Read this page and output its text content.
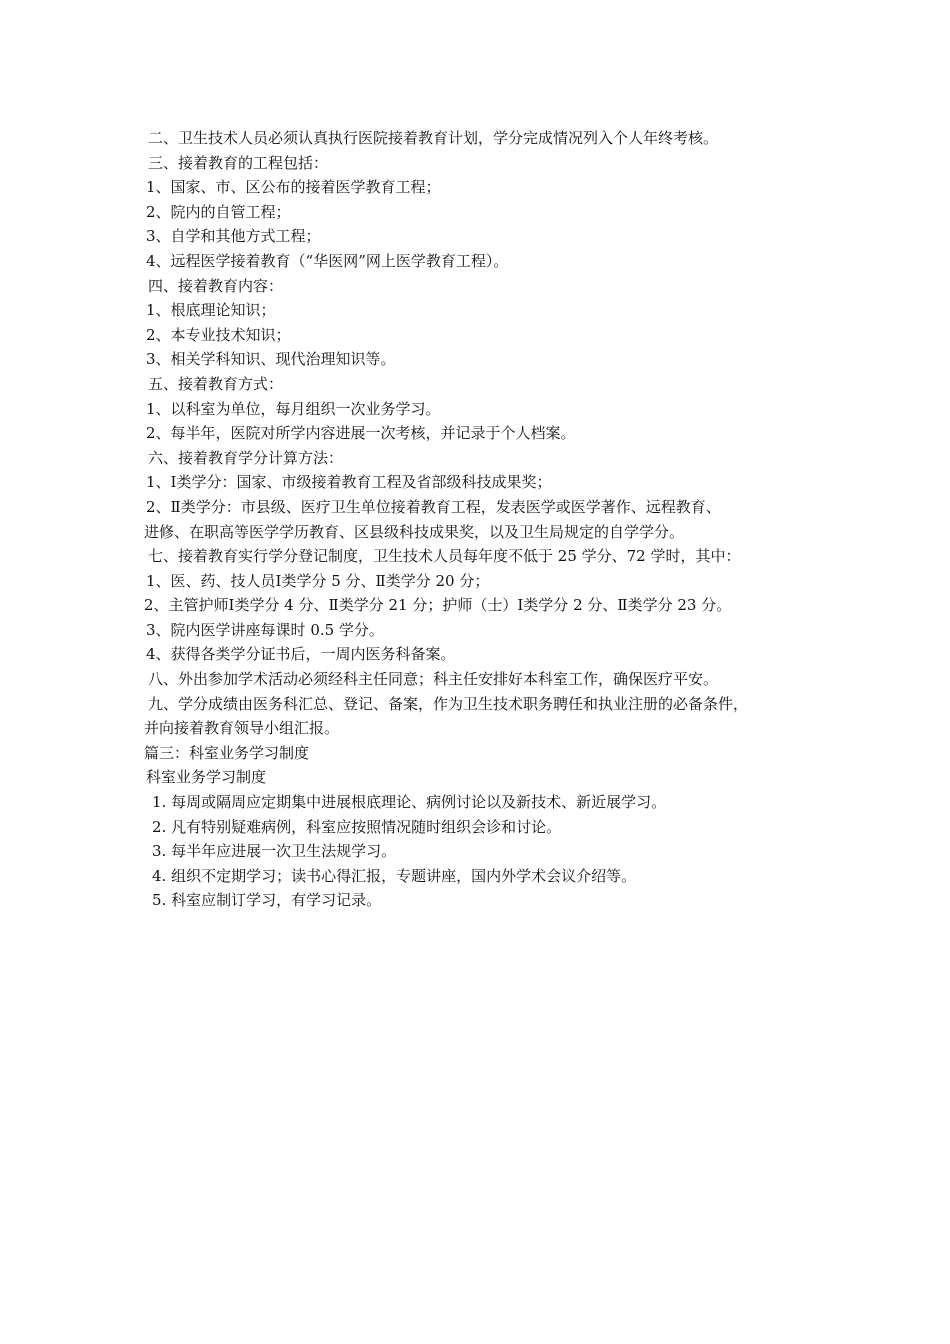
二、卫生技术人员必须认真执行医院接着教育计划，学分完成情况列入个人年终考核。
三、接着教育的工程包括：
1、国家、市、区公布的接着医学教育工程；
2、院内的自管工程；
3、自学和其他方式工程；
4、远程医学接着教育（“华医网”网上医学教育工程）。
四、接着教育内容：
1、根底理论知识；
2、本专业技术知识；
3、相关学科知识、现代治理知识等。
五、接着教育方式：
1、以科室为单位，每月组织一次业务学习。
2、每半年，医院对所学内容进展一次考核，并记录于个人档案。
六、接着教育学分计算方法：
1、Ⅰ类学分：国家、市级接着教育工程及省部级科技成果奖；
2、Ⅱ类学分：市县级、医疗卫生单位接着教育工程，发表医学或医学著作、远程教育、
进修、在职高等医学学历教育、区县级科技成果奖，以及卫生局规定的自学学分。
七、接着教育实行学分登记制度，卫生技术人员每年度不低于 25 学分、72 学时，其中：
1、医、药、技人员Ⅰ类学分 5 分、Ⅱ类学分 20 分；
2、主管护师Ⅰ类学分 4 分、Ⅱ类学分 21 分；护师（士）Ⅰ类学分 2 分、Ⅱ类学分 23 分。
3、院内医学讲座每课时 0.5 学分。
4、获得各类学分证书后，一周内医务科备案。
八、外出参加学术活动必须经科主任同意；科主任安排好本科室工作，确保医疗平安。
九、学分成绩由医务科汇总、登记、备案，作为卫生技术职务聘任和执业注册的必备条件，
并向接着教育领导小组汇报。
篇三：科室业务学习制度
科室业务学习制度
1. 每周或隔周应定期集中进展根底理论、病例讨论以及新技术、新近展学习。
2. 凡有特别疑难病例，科室应按照情况随时组织会诊和讨论。
3. 每半年应进展一次卫生法规学习。
4. 组织不定期学习；读书心得汇报，专题讲座，国内外学术会议介绍等。
5. 科室应制订学习，有学习记录。
